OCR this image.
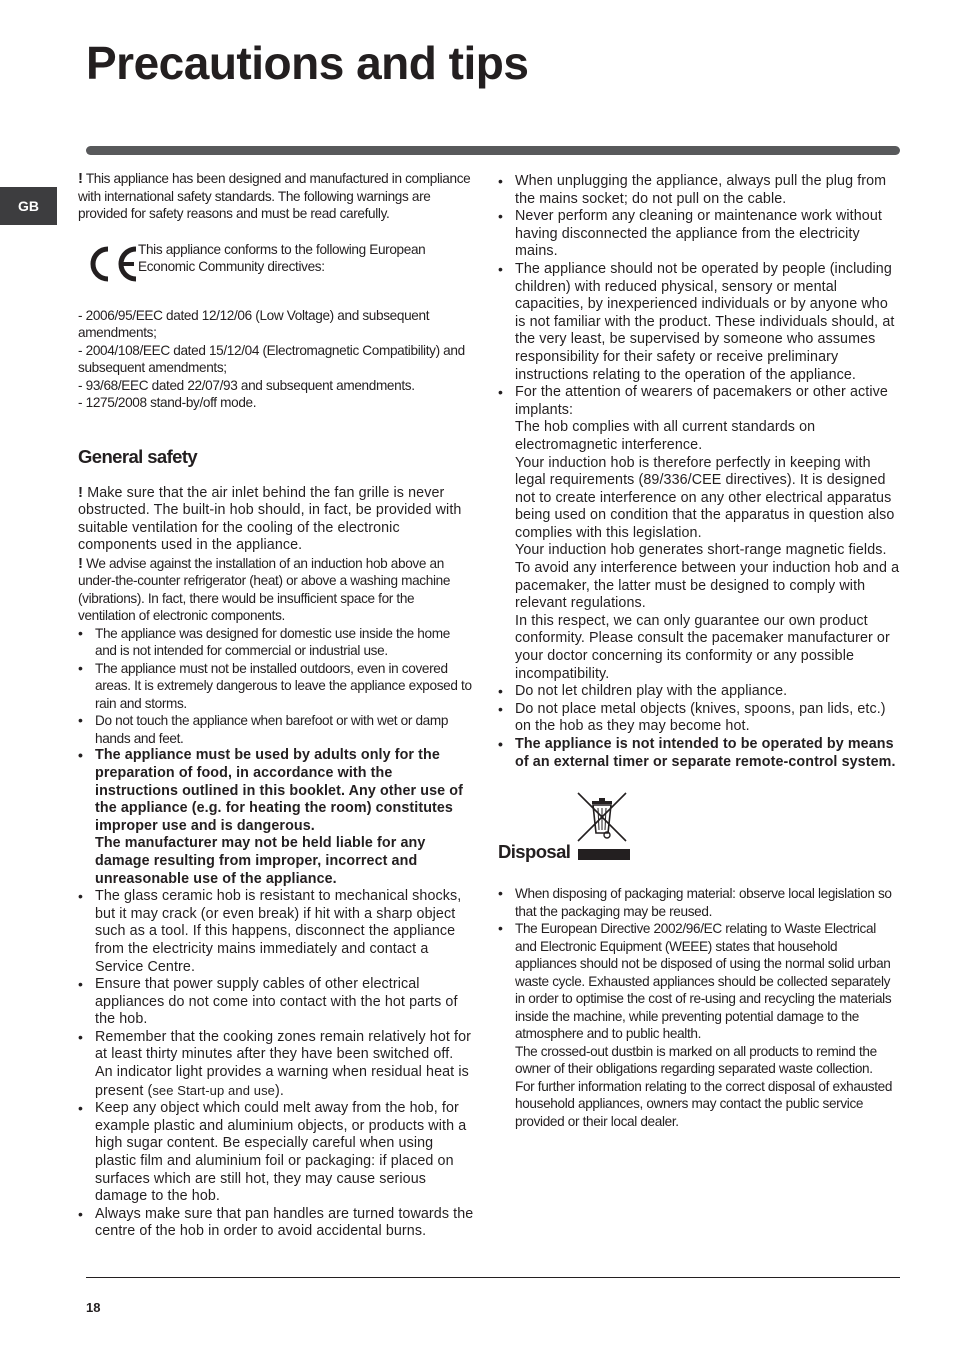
Precautions and tips
GB

! This appliance has been designed and manufactured in compliance with international safety standards. The following warnings are provided for safety reasons and must be read carefully.

This appliance conforms to the following European Economic Community directives:

- 2006/95/EEC dated 12/12/06 (Low Voltage) and subsequent amendments;

- 2004/108/EEC dated 15/12/04 (Electromagnetic Compatibility) and subsequent amendments;

- 93/68/EEC dated 22/07/93 and subsequent amendments.

- 1275/2008 stand-by/off mode.

General safety

! Make sure that the air inlet behind the fan grille is never obstructed. The built-in hob should, in fact, be provided with suitable ventilation for the cooling of the electronic components used in the appliance.

! We advise against the installation of an induction hob above an under-the-counter refrigerator (heat) or above a washing machine (vibrations). In fact, there would be insufficient space for the ventilation of electronic components.

• The appliance was designed for domestic use inside the home and is not intended for commercial or industrial use.
• The appliance must not be installed outdoors, even in covered areas. It is extremely dangerous to leave the appliance exposed to rain and storms.
• Do not touch the appliance when barefoot or with wet or damp hands and feet.
• The appliance must be used by adults only for the preparation of food, in accordance with the instructions outlined in this booklet. Any other use of the appliance (e.g. for heating the room) constitutes improper use and is dangerous.
The manufacturer may not be held liable for any damage resulting from improper, incorrect and unreasonable use of the appliance.
• The glass ceramic hob is resistant to mechanical shocks, but it may crack (or even break) if hit with a sharp object such as a tool. If this happens, disconnect the appliance from the electricity mains immediately and contact a Service Centre.
• Ensure that power supply cables of other electrical appliances do not come into contact with the hot parts of the hob.
• Remember that the cooking zones remain relatively hot for at least thirty minutes after they have been switched off. An indicator light provides a warning when residual heat is present (see Start-up and use).
• Keep any object which could melt away from the hob, for example plastic and aluminium objects, or products with a high sugar content. Be especially careful when using plastic film and aluminium foil or packaging: if placed on surfaces which are still hot, they may cause serious damage to the hob.
• Always make sure that pan handles are turned towards the centre of the hob in order to avoid accidental burns.
• When unplugging the appliance, always pull the plug from the mains socket; do not pull on the cable.
• Never perform any cleaning or maintenance work without having disconnected the appliance from the electricity mains.
• The appliance should not be operated by people (including children) with reduced physical, sensory or mental capacities, by inexperienced individuals or by anyone who is not familiar with the product. These individuals should, at the very least, be supervised by someone who assumes responsibility for their safety or receive preliminary instructions relating to the operation of the appliance.
• For the attention of wearers of pacemakers or other active implants:
The hob complies with all current standards on electromagnetic interference.
Your induction hob is therefore perfectly in keeping with legal requirements (89/336/CEE directives). It is designed not to create interference on any other electrical apparatus being used on condition that the apparatus in question also complies with this legislation.
Your induction hob generates short-range magnetic fields.
To avoid any interference between your induction hob and a pacemaker, the latter must be designed to comply with relevant regulations.
In this respect, we can only guarantee our own product conformity. Please consult the pacemaker manufacturer or your doctor concerning its conformity or any possible incompatibility.
• Do not let children play with the appliance.
• Do not place metal objects (knives, spoons, pan lids, etc.) on the hob as they may become hot.
• The appliance is not intended to be operated by means of an external timer or separate remote-control system.
Disposal
• When disposing of packaging material: observe local legislation so that the packaging may be reused.
• The European Directive 2002/96/EC relating to Waste Electrical and Electronic Equipment (WEEE) states that household appliances should not be disposed of using the normal solid urban waste cycle. Exhausted appliances should be collected separately in order to optimise the cost of re-using and recycling the materials inside the machine, while preventing potential damage to the atmosphere and to public health.
The crossed-out dustbin is marked on all products to remind the owner of their obligations regarding separated waste collection.
For further information relating to the correct disposal of exhausted household appliances, owners may contact the public service provided or their local dealer.
18
